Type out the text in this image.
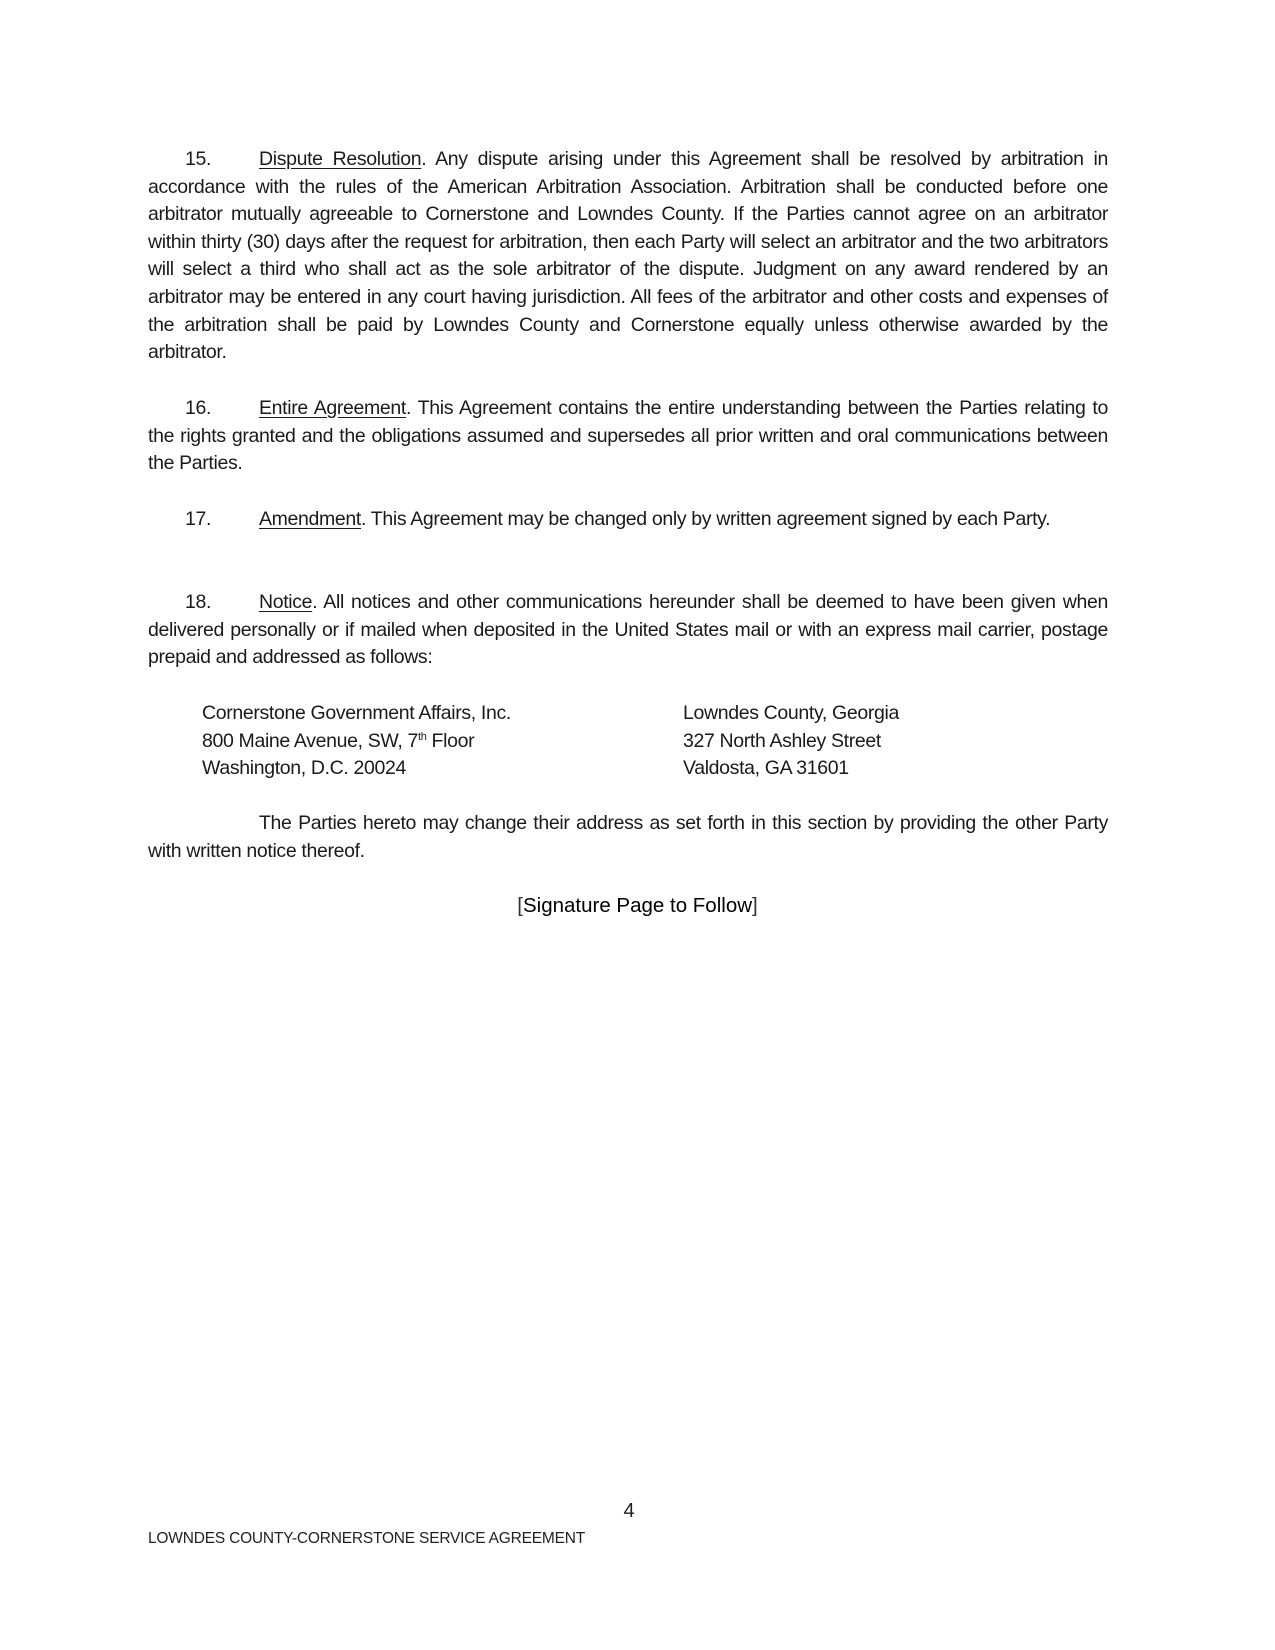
15. Dispute Resolution. Any dispute arising under this Agreement shall be resolved by arbitration in accordance with the rules of the American Arbitration Association. Arbitration shall be conducted before one arbitrator mutually agreeable to Cornerstone and Lowndes County. If the Parties cannot agree on an arbitrator within thirty (30) days after the request for arbitration, then each Party will select an arbitrator and the two arbitrators will select a third who shall act as the sole arbitrator of the dispute. Judgment on any award rendered by an arbitrator may be entered in any court having jurisdiction. All fees of the arbitrator and other costs and expenses of the arbitration shall be paid by Lowndes County and Cornerstone equally unless otherwise awarded by the arbitrator.

16. Entire Agreement. This Agreement contains the entire understanding between the Parties relating to the rights granted and the obligations assumed and supersedes all prior written and oral communications between the Parties.

17. Amendment. This Agreement may be changed only by written agreement signed by each Party.

18. Notice. All notices and other communications hereunder shall be deemed to have been given when delivered personally or if mailed when deposited in the United States mail or with an express mail carrier, postage prepaid and addressed as follows:

Cornerstone Government Affairs, Inc.
800 Maine Avenue, SW, 7th Floor
Washington, D.C. 20024
Lowndes County, Georgia
327 North Ashley Street
Valdosta, GA 31601

The Parties hereto may change their address as set forth in this section by providing the other Party with written notice thereof.

[Signature Page to Follow]
4
LOWNDES COUNTY-CORNERSTONE SERVICE AGREEMENT
